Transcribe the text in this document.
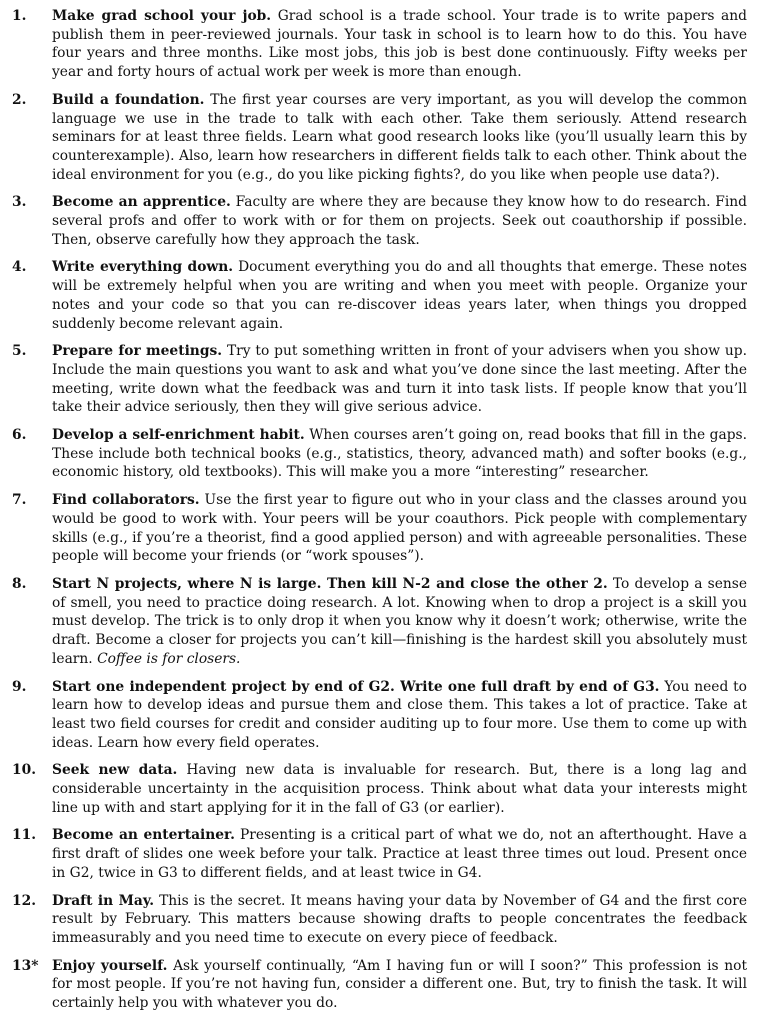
1. Make grad school your job. Grad school is a trade school. Your trade is to write papers and publish them in peer-reviewed journals. Your task in school is to learn how to do this. You have four years and three months. Like most jobs, this job is best done continuously. Fifty weeks per year and forty hours of actual work per week is more than enough.
2. Build a foundation. The first year courses are very important, as you will develop the common language we use in the trade to talk with each other. Take them seriously. Attend research seminars for at least three fields. Learn what good research looks like (you’ll usually learn this by counterexample). Also, learn how researchers in different fields talk to each other. Think about the ideal environment for you (e.g., do you like picking fights?, do you like when people use data?).
3. Become an apprentice. Faculty are where they are because they know how to do research. Find several profs and offer to work with or for them on projects. Seek out coauthorship if possible. Then, observe carefully how they approach the task.
4. Write everything down. Document everything you do and all thoughts that emerge. These notes will be extremely helpful when you are writing and when you meet with people. Organize your notes and your code so that you can re-discover ideas years later, when things you dropped suddenly become relevant again.
5. Prepare for meetings. Try to put something written in front of your advisers when you show up. Include the main questions you want to ask and what you’ve done since the last meeting. After the meeting, write down what the feedback was and turn it into task lists. If people know that you’ll take their advice seriously, then they will give serious advice.
6. Develop a self-enrichment habit. When courses aren’t going on, read books that fill in the gaps. These include both technical books (e.g., statistics, theory, advanced math) and softer books (e.g., economic history, old textbooks). This will make you a more “interesting” researcher.
7. Find collaborators. Use the first year to figure out who in your class and the classes around you would be good to work with. Your peers will be your coauthors. Pick people with complementary skills (e.g., if you’re a theorist, find a good applied person) and with agreeable personalities. These people will become your friends (or “work spouses”).
8. Start N projects, where N is large. Then kill N-2 and close the other 2. To develop a sense of smell, you need to practice doing research. A lot. Knowing when to drop a project is a skill you must develop. The trick is to only drop it when you know why it doesn’t work; otherwise, write the draft. Become a closer for projects you can’t kill—finishing is the hardest skill you absolutely must learn. Coffee is for closers.
9. Start one independent project by end of G2. Write one full draft by end of G3. You need to learn how to develop ideas and pursue them and close them. This takes a lot of practice. Take at least two field courses for credit and consider auditing up to four more. Use them to come up with ideas. Learn how every field operates.
10. Seek new data. Having new data is invaluable for research. But, there is a long lag and considerable uncertainty in the acquisition process. Think about what data your interests might line up with and start applying for it in the fall of G3 (or earlier).
11. Become an entertainer. Presenting is a critical part of what we do, not an afterthought. Have a first draft of slides one week before your talk. Practice at least three times out loud. Present once in G2, twice in G3 to different fields, and at least twice in G4.
12. Draft in May. This is the secret. It means having your data by November of G4 and the first core result by February. This matters because showing drafts to people concentrates the feedback immeasurably and you need time to execute on every piece of feedback.
13* Enjoy yourself. Ask yourself continually, “Am I having fun or will I soon?” This profession is not for most people. If you’re not having fun, consider a different one. But, try to finish the task. It will certainly help you with whatever you do.
